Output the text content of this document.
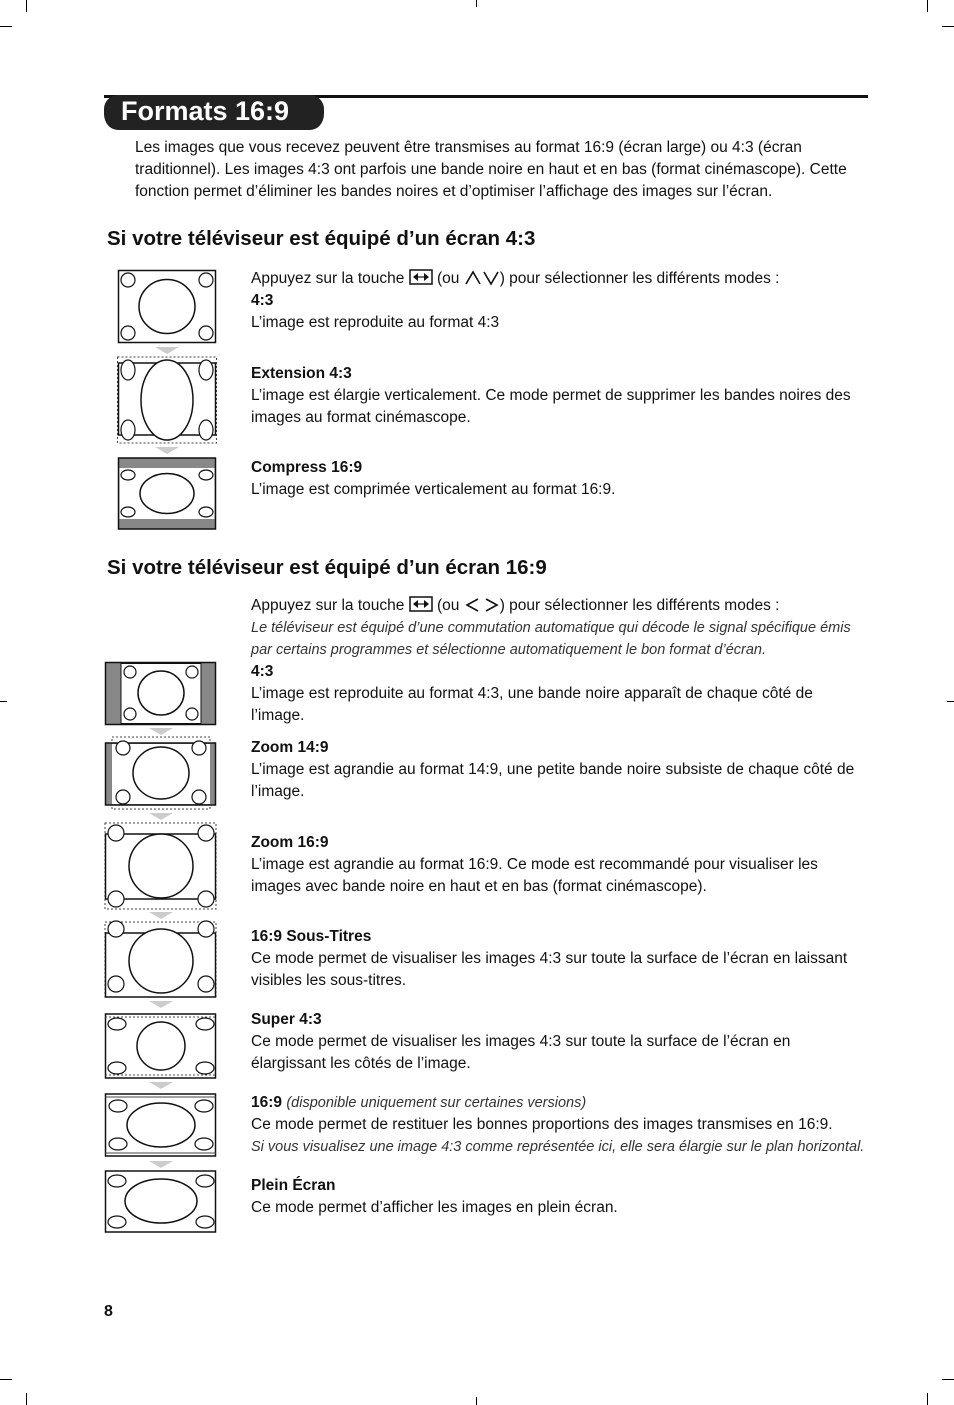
Formats 16:9
Les images que vous recevez peuvent être transmises au format 16:9 (écran large) ou 4:3 (écran traditionnel). Les images 4:3 ont parfois une bande noire en haut et en bas (format cinémascope). Cette fonction permet d’éliminer les bandes noires et d’optimiser l’affichage des images sur l’écran.
Si votre téléviseur est équipé d’un écran 4:3
Appuyez sur la touche (ou	) pour sélectionner les différents modes :
4:3
L’image est reproduite au format 4:3
Extension 4:3
L’image est élargie verticalement. Ce mode permet de supprimer les bandes noires des images au format cinémascope.
Compress 16:9
L’image est comprimée verticalement au format 16:9.
Si votre téléviseur est équipé d’un écran 16:9
Appuyez sur la touche (ou	) pour sélectionner les différents modes :
Le téléviseur est équipé d’une commutation automatique qui décode le signal spécifique émis par certains programmes et sélectionne automatiquement le bon format d’écran.
4:3
L’image est reproduite au format 4:3, une bande noire apparaît de chaque côté de l’image.
Zoom 14:9
L’image est agrandie au format 14:9, une petite bande noire subsiste de chaque côté de l’image.
Zoom 16:9
L’image est agrandie au format 16:9. Ce mode est recommandé pour visualiser les images avec bande noire en haut et en bas (format cinémascope).
16:9 Sous-Titres
Ce mode permet de visualiser les images 4:3 sur toute la surface de l’écran en laissant visibles les sous-titres.
Super 4:3
Ce mode permet de visualiser les images 4:3 sur toute la surface de l’écran en élargissant les côtés de l’image.
16:9 (disponible uniquement sur certaines versions)
Ce mode permet de restituer les bonnes proportions des images transmises en 16:9.
Si vous visualisez une image 4:3 comme représentée ici, elle sera élargie sur le plan horizontal.
Plein Écran
Ce mode permet d’afficher les images en plein écran.
8
